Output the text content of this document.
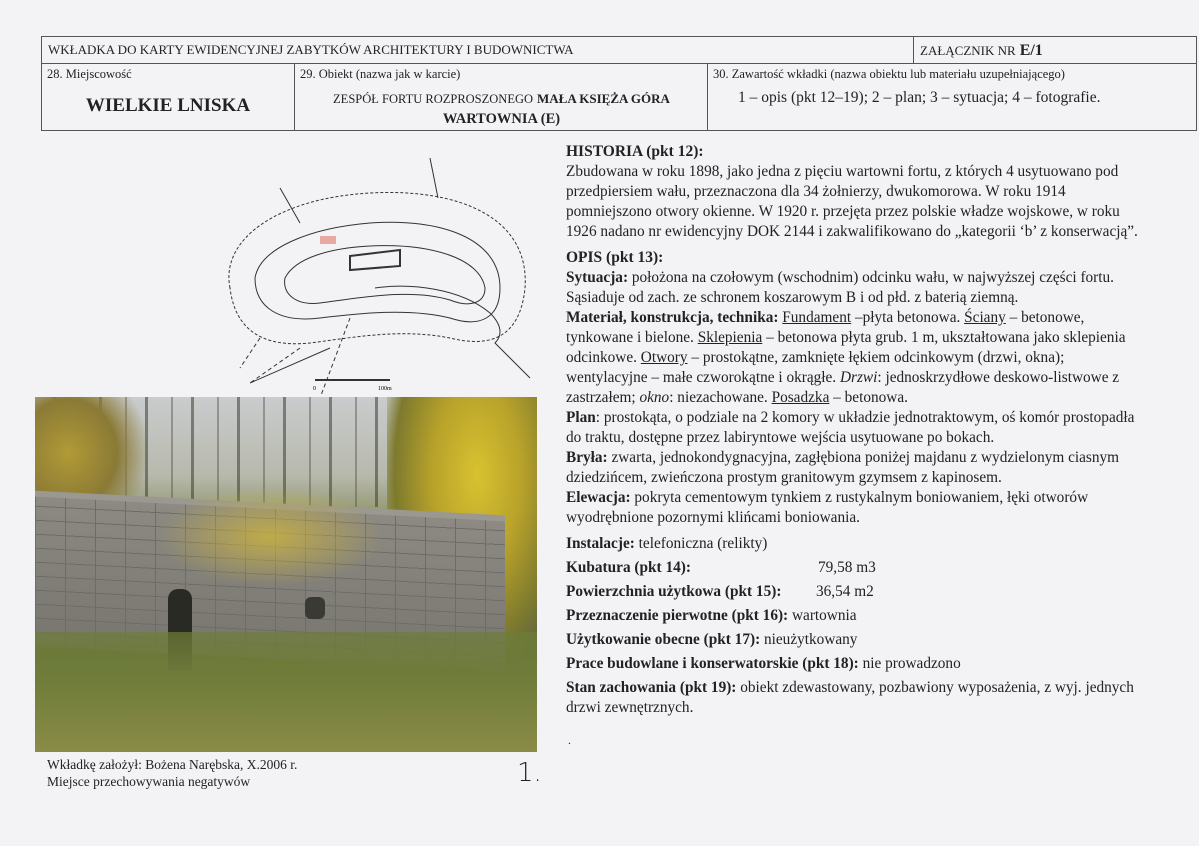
WKŁADKA DO KARTY EWIDENCYJNEJ ZABYTKÓW ARCHITEKTURY I BUDOWNICTWA	ZAŁĄCZNIK NR E/1
28. Miejscowość
WIELKIE LNISKA
29. Obiekt (nazwa jak w karcie)
ZESPÓŁ FORTU ROZPROSZONEGO MAŁA KSIĘŻA GÓRA
WARTOWNIA (E)
30. Zawartość wkładki (nazwa obiektu lub materiału uzupełniającego)
1 – opis (pkt 12–19); 2 – plan; 3 – sytuacja; 4 – fotografie.
0	100m
Wkładkę założył: Bożena Narębska, X.2006 r.
Miejsce przechowywania negatywów	1.
HISTORIA (pkt 12):

Zbudowana w roku 1898, jako jedna z pięciu wartowni fortu, z których 4 usytuowano pod przedpiersiem wału, przeznaczona dla 34 żołnierzy, dwukomorowa. W roku 1914 pomniejszono otwory okienne. W 1920 r. przejęta przez polskie władze wojskowe, w roku 1926 nadano nr ewidencyjny DOK 2144 i zakwalifikowano do „kategorii ‘b’ z konserwacją”.

OPIS (pkt 13):

Sytuacja: położona na czołowym (wschodnim) odcinku wału, w najwyższej części fortu. Sąsiaduje od zach. ze schronem koszarowym B i od płd. z baterią ziemną.

Materiał, konstrukcja, technika: Fundament –płyta betonowa. Ściany – betonowe, tynkowane i bielone. Sklepienia – betonowa płyta grub. 1 m, ukształtowana jako sklepienia odcinkowe. Otwory – prostokątne, zamknięte łękiem odcinkowym (drzwi, okna); wentylacyjne – małe czworokątne i okrągłe. Drzwi: jednoskrzydłowe deskowo-listwowe z zastrzałem; okno: niezachowane. Posadzka – betonowa.

Plan: prostokąta, o podziale na 2 komory w układzie jednotraktowym, oś komór prostopadła do traktu, dostępne przez labiryntowe wejścia usytuowane po bokach.

Bryła: zwarta, jednokondygnacyjna, zagłębiona poniżej majdanu z wydzielonym ciasnym dziedzińcem, zwieńczona prostym granitowym gzymsem z kapinosem.

Elewacja: pokryta cementowym tynkiem z rustykalnym boniowaniem, łęki otworów wyodrębnione pozornymi klińcami boniowania.

Instalacje: telefoniczna (relikty)

Kubatura (pkt 14):	79,58 m3

Powierzchnia użytkowa (pkt 15): 36,54 m2

Przeznaczenie pierwotne (pkt 16): wartownia

Użytkowanie obecne (pkt 17): nieużytkowany

Prace budowlane i konserwatorskie (pkt 18): nie prowadzono

Stan zachowania (pkt 19): obiekt zdewastowany, pozbawiony wyposażenia, z wyj. jednych drzwi zewnętrznych.

.
